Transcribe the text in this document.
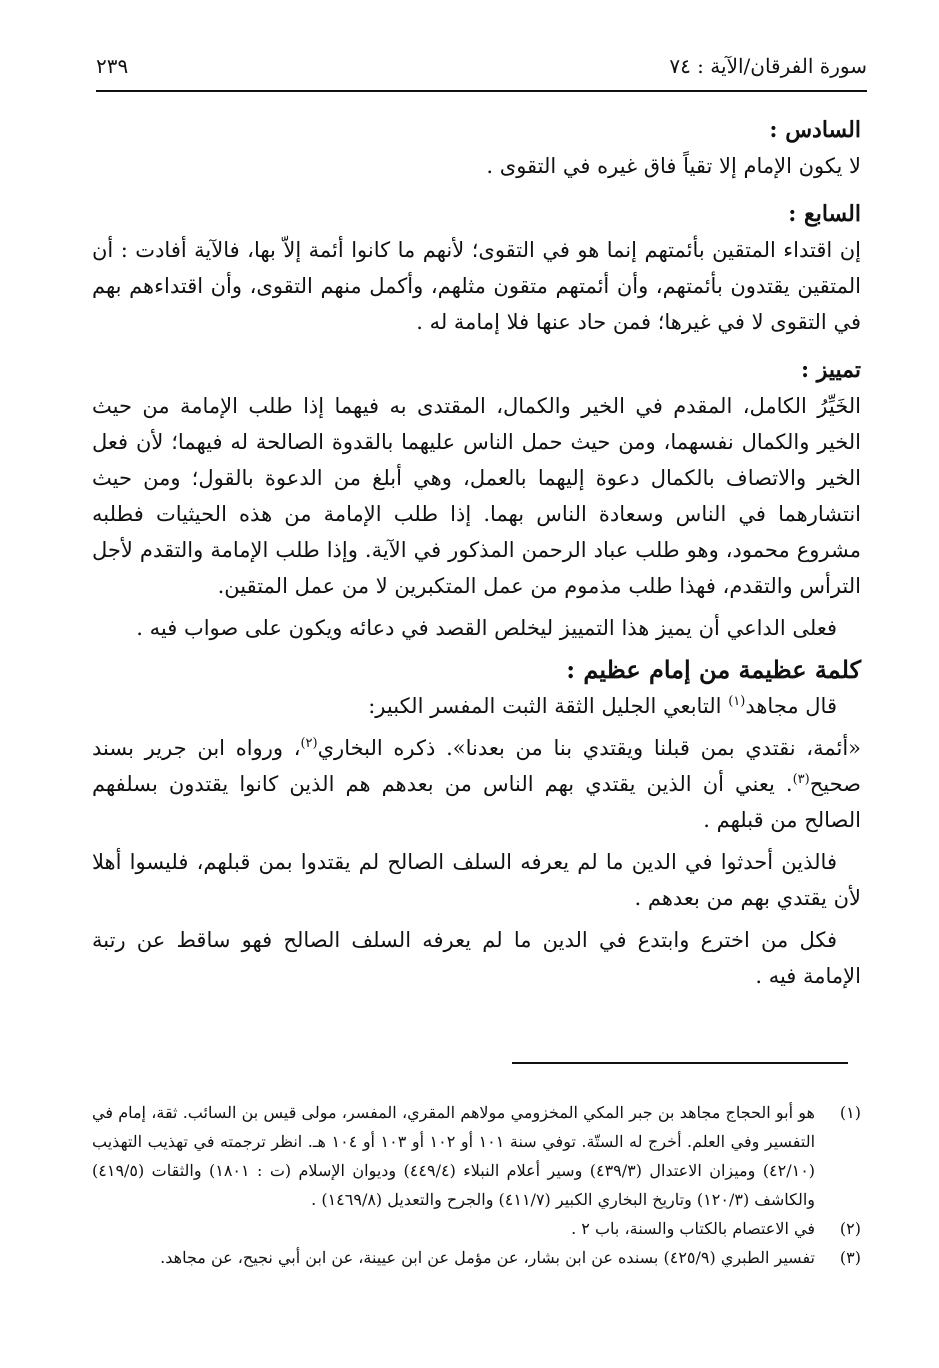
٢٣٩	سورة الفرقان/الآية : ٧٤

السادس :

لا يكون الإمام إلا تقياً فاق غيره في التقوى .

السابع :

إن اقتداء المتقين بأئمتهم إنما هو في التقوى؛ لأنهم ما كانوا أئمة إلاّ بها، فالآية أفادت : أن المتقين يقتدون بأئمتهم، وأن أئمتهم متقون مثلهم، وأكمل منهم التقوى، وأن اقتداءهم بهم في التقوى لا في غيرها؛ فمن حاد عنها فلا إمامة له .

تمييز :

الخَيِّرُ الكامل، المقدم في الخير والكمال، المقتدى به فيهما إذا طلب الإمامة من حيث الخير والكمال نفسهما، ومن حيث حمل الناس عليهما بالقدوة الصالحة له فيهما؛ لأن فعل الخير والاتصاف بالكمال دعوة إليهما بالعمل، وهي أبلغ من الدعوة بالقول؛ ومن حيث انتشارهما في الناس وسعادة الناس بهما. إذا طلب الإمامة من هذه الحيثيات فطلبه مشروع محمود، وهو طلب عباد الرحمن المذكور في الآية. وإذا طلب الإمامة والتقدم لأجل الترأس والتقدم، فهذا طلب مذموم من عمل المتكبرين لا من عمل المتقين.

فعلى الداعي أن يميز هذا التمييز ليخلص القصد في دعائه ويكون على صواب فيه .

كلمة عظيمة من إمام عظيم :

قال مجاهد$^{(١)}$ التابعي الجليل الثقة الثبت المفسر الكبير:

«أئمة، نقتدي بمن قبلنا ويقتدي بنا من بعدنا». ذكره البخاري$^{(٢)}$، ورواه ابن جرير بسند صحيح$^{(٣)}$. يعني أن الذين يقتدي بهم الناس من بعدهم هم الذين كانوا يقتدون بسلفهم الصالح من قبلهم .

فالذين أحدثوا في الدين ما لم يعرفه السلف الصالح لم يقتدوا بمن قبلهم، فليسوا أهلا لأن يقتدي بهم من بعدهم .

فكل من اخترع وابتدع في الدين ما لم يعرفه السلف الصالح فهو ساقط عن رتبة الإمامة فيه .

(١)
هو أبو الحجاج مجاهد بن جبر المكي المخزومي مولاهم المقري، المفسر، مولى قيس بن السائب. ثقة، إمام في التفسير وفي العلم. أخرج له الستّة. توفي سنة ١٠١ أو ١٠٢ أو ١٠٣ أو ١٠٤ هـ. انظر ترجمته في تهذيب التهذيب (٤٢/١٠) وميزان الاعتدال (٤٣٩/٣) وسير أعلام النبلاء (٤٤٩/٤) وديوان الإسلام (ت : ١٨٠١) والثقات (٤١٩/٥) والكاشف (١٢٠/٣) وتاريخ البخاري الكبير (٤١١/٧) والجرح والتعديل (١٤٦٩/٨) .

(٢)
في الاعتصام بالكتاب والسنة، باب ٢ .

(٣)
تفسير الطبري (٤٢٥/٩) بسنده عن ابن بشار، عن مؤمل عن ابن عيينة، عن ابن أبي نجيح، عن مجاهد.
